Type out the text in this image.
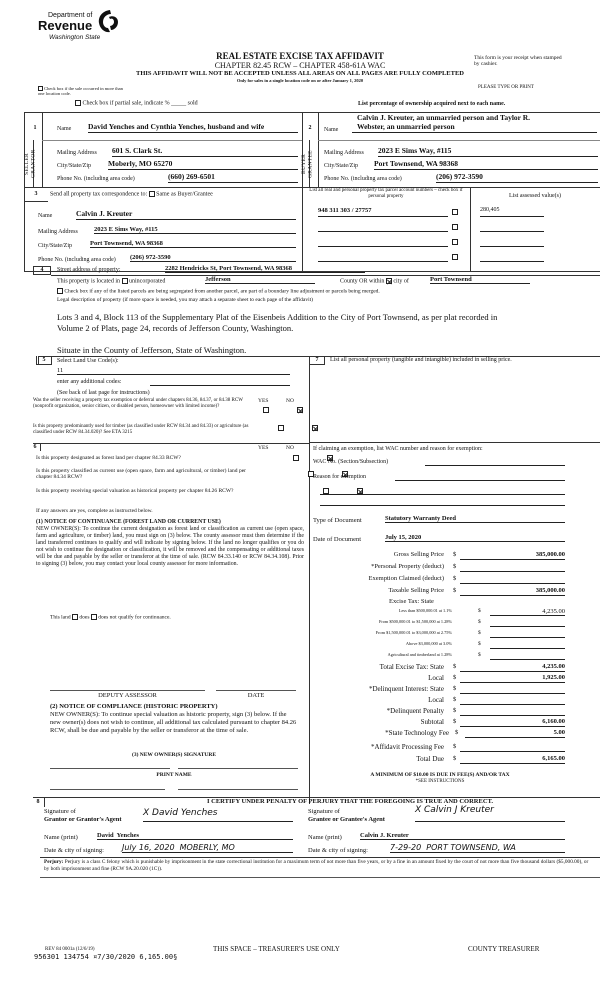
Department of
Revenue
Washington State
REAL ESTATE EXCISE TAX AFFIDAVIT
CHAPTER 82.45 RCW – CHAPTER 458-61A WAC
THIS AFFIDAVIT WILL NOT BE ACCEPTED UNLESS ALL AREAS ON ALL PAGES ARE FULLY COMPLETED
Only for sales in a single location code on or after January 1, 2020
This form is your receipt when stamped by cashier.
PLEASE TYPE OR PRINT
Check box if the sale occurred in more than one location code.
Check box if partial sale, indicate % _____ sold	List percentage of ownership acquired next to each name.
1
SELLER GRANTOR
Name David Yenches and Cynthia Yenches, husband and wife
Mailing Address 601 S. Clark St.
City/State/Zip Moberly, MO 65270
Phone No. (including area code)	(660) 269-6501
2
BUYER GRANTEE
Name
Calvin J. Kreuter, an unmarried person and Taylor R.
Webster, an unmarried person
Mailing Address 2023 E Sims Way, #115
City/State/Zip Port Townsend, WA 98368
Phone No. (including area code)	(206) 972-3590
3	Send all property tax correspondence to: Same as Buyer/Grantee
Name	Calvin J. Kreuter
Mailing Address 2023 E Sims Way, #115
City/State/Zip	Port Townsend, WA 98368
Phone No. (including area code) (206) 972-3590
List all real and personal property tax parcel account numbers – check box if personal property	List assessed value(s)
948 311 303 / 27757	280,405
4	Street address of property:	2282 Hendricks St, Port Townsend, WA 98368
This property is located in unincorporated	Jefferson	County OR within city of	Port Townsend
Check box if any of the listed parcels are being segregated from another parcel, are part of a boundary line adjustment or parcels being merged.
Legal description of property (if more space is needed, you may attach a separate sheet to each page of the affidavit)
Lots 3 and 4, Block 113 of the Supplementary Plat of the Eisenbeis Addition to the City of Port Townsend, as per plat recorded in
Volume 2 of Plats, page 24, records of Jefferson County, Washington.
Situate in the County of Jefferson, State of Washington.
5	Select Land Use Code(s):
11
enter any additional codes:
(See back of last page for instructions)
YES	NO
Was the seller receiving a property tax exemption or deferral under chapters 84.36, 84.37, or 84.38 RCW (nonprofit organization, senior citizen, or disabled person, homeowner with limited income)?

Is this property predominantly used for timber (as classified under RCW 84.34 and 84.33) or agriculture (as classified under RCW 84.34.020)? See ETA 3215

6	YES	NO
Is this property designated as forest land per chapter 84.33 RCW?

Is this property classified as current use (open space, farm and agricultural, or timber) land per chapter 84.34 RCW?

Is this property receiving special valuation as historical property per chapter 84.26 RCW?

If any answers are yes, complete as instructed below.
(1) NOTICE OF CONTINUANCE (FOREST LAND OR CURRENT USE)
NEW OWNER(S): To continue the current designation as forest land or classification as current use (open space, farm and agriculture, or timber) land, you must sign on (3) below. The county assessor must then determine if the land transferred continues to qualify and will indicate by signing below. If the land no longer qualifies or you do not wish to continue the designation or classification, it will be removed and the compensating or additional taxes will be due and payable by the seller or transferor at the time of sale. (RCW 84.33.140 or RCW 84.34.108). Prior to signing (3) below, you may contact your local county assessor for more information.
This land does does not qualify for continuance.
DEPUTY ASSESSOR	DATE
(2) NOTICE OF COMPLIANCE (HISTORIC PROPERTY)
NEW OWNER(S): To continue special valuation as historic property, sign (3) below. If the new owner(s) does not wish to continue, all additional tax calculated pursuant to chapter 84.26 RCW, shall be due and payable by the seller or transferor at the time of sale.
(3) NEW OWNER(S) SIGNATURE
PRINT NAME
7	List all personal property (tangible and intangible) included in selling price.
If claiming an exemption, list WAC number and reason for exemption:
WAC No. (Section/Subsection)
Reason for exemption
Type of Document	Statutory Warranty Deed
Date of Document	July 15, 2020
Gross Selling Price $	385,000.00
*Personal Property (deduct) $
Exemption Claimed (deduct) $
Taxable Selling Price $	385,000.00
Excise Tax: State
Less than $500,000.01 at 1.1%	$	4,235.00
From $500,000.01 to $1,500,000 at 1.28%	$
From $1,500,000.01 to $3,000,000 at 2.75%	$
Above $3,000,000 at 3.0%	$
Agricultural and timberland at 1.28%	$
Total Excise Tax: State $	4,235.00
Local $	1,925.00
*Delinquent Interest: State $
Local $
*Delinquent Penalty $
Subtotal $	6,160.00
*State Technology Fee $	5.00
*Affidavit Processing Fee $
Total Due $	6,165.00
A MINIMUM OF $10.00 IS DUE IN FEE(S) AND/OR TAX
*SEE INSTRUCTIONS
8	I CERTIFY UNDER PENALTY OF PERJURY THAT THE FOREGOING IS TRUE AND CORRECT.
Signature of
Grantor or Grantor's Agent
X David Yenches
Name (print)	David  Yenches
Date & city of signing: July 16, 2020  MOBERLY, MO
Signature of
Grantee or Grantee's Agent
X Calvin J Kreuter
Name (print)	Calvin J. Kreuter
Date & city of signing:	7-29-20  PORT TOWNSEND, WA
Perjury: Perjury is a class C felony which is punishable by imprisonment in the state correctional institution for a maximum term of not more than five years, or by a fine in an amount fixed by the court of not more than five thousand dollars ($5,000.00), or by both imprisonment and fine (RCW 9A.20.020 (1C)).
REV 84 0001a (12/6/19)	THIS SPACE – TREASURER'S USE ONLY	COUNTY TREASURER
956301 134754 ¤7/30/2020 6,165.00§
